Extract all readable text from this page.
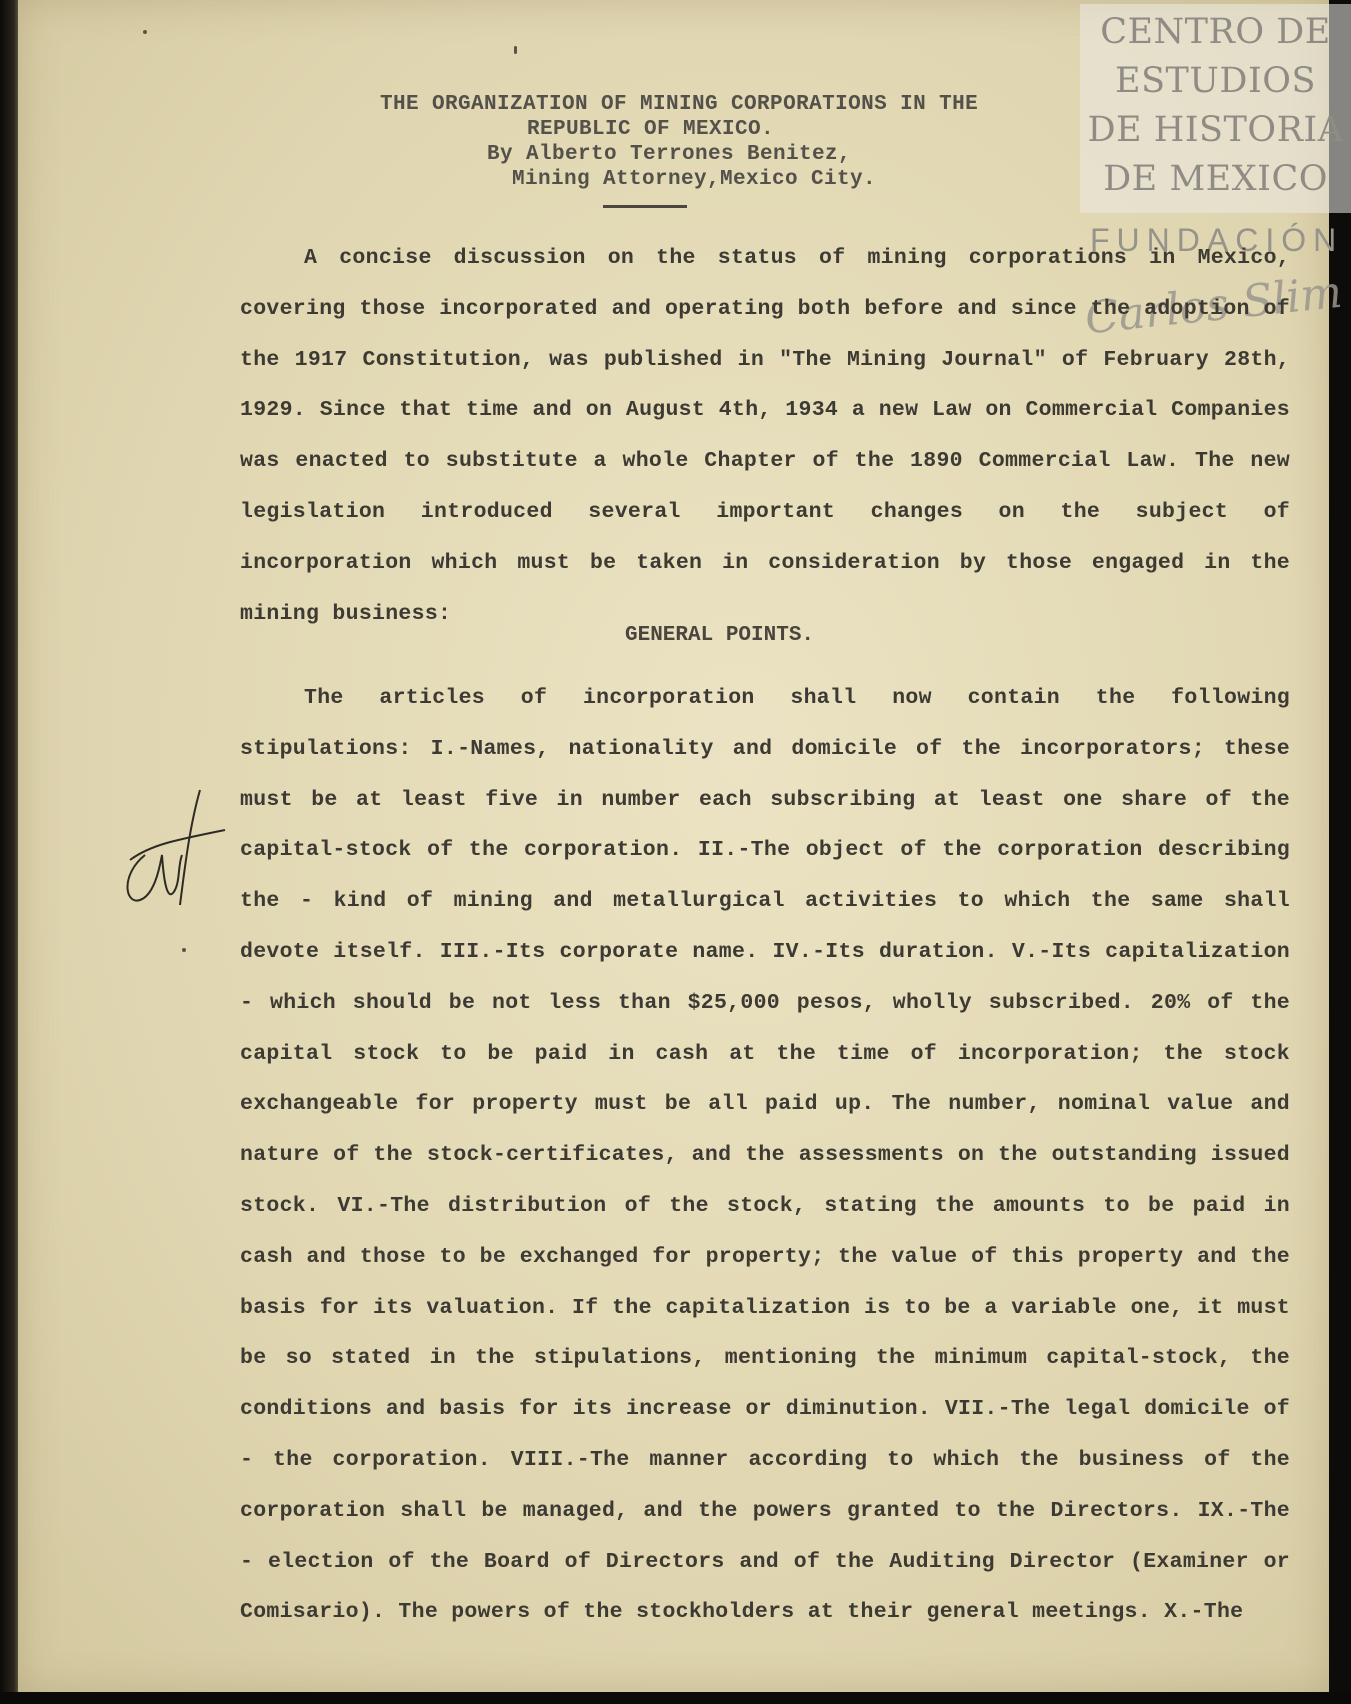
CENTRO DE
ESTUDIOS
DE HISTORIA
DE MEXICO
FUNDACIÓN
Carlos Slim
THE ORGANIZATION OF MINING CORPORATIONS IN THE
REPUBLIC OF MEXICO.
By Alberto Terrones Benitez,
Mining Attorney,Mexico City.

A concise discussion on the status of mining corporations in Mexico, covering those incorporated and operating both before and since the adoption of the 1917 Constitution, was published in "The Mining Journal" of February 28th, 1929. Since that time and on August 4th, 1934 a new Law on Commercial Companies was enacted to substitute a whole Chapter of the 1890 Commercial Law. The new legislation introduced several important changes on the subject of incorporation which must be taken in consideration by those engaged in the mining business:

GENERAL POINTS.

The articles of incorporation shall now contain the following stipulations: I.-Names, nationality and domicile of the incorporators; these must be at least five in number each subscribing at least one share of the capital-stock of the corporation. II.-The object of the corporation describing the - kind of mining and metallurgical activities to which the same shall devote itself. III.-Its corporate name. IV.-Its duration. V.-Its capitalization - which should be not less than $25,000 pesos, wholly subscribed. 20% of the capital stock to be paid in cash at the time of incorporation; the stock exchangeable for property must be all paid up. The number, nominal value and nature of the stock-certificates, and the assessments on the outstanding issued stock. VI.-The distribution of the stock, stating the amounts to be paid in cash and those to be exchanged for property; the value of this property and the basis for its valuation. If the capitalization is to be a variable one, it must be so stated in the stipulations, mentioning the minimum capital-stock, the conditions and basis for its increase or diminution. VII.-The legal domicile of - the corporation. VIII.-The manner according to which the business of the corporation shall be managed, and the powers granted to the Directors. IX.-The - election of the Board of Directors and of the Auditing Director (Examiner or Comisario). The powers of the stockholders at their general meetings. X.-The
